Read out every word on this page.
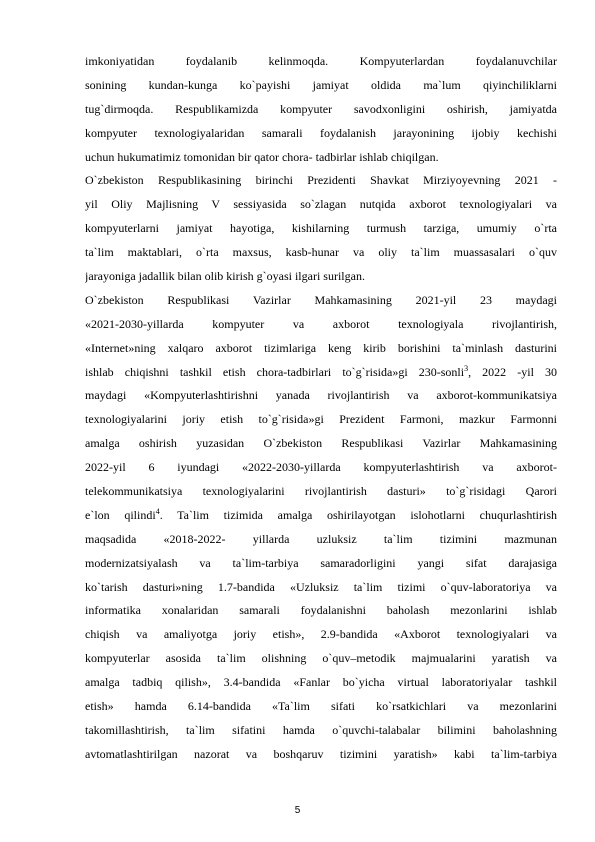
imkoniyatidan foydalanib kelinmoqda. Kompyuterlardan foydalanuvchilar
sonining kundan-kunga ko`payishi jamiyat oldida ma`lum qiyinchiliklarni
tug`dirmoqda. Respublikamizda kompyuter savodxonligini oshirish, jamiyatda
kompyuter texnologiyalaridan samarali foydalanish jarayonining ijobiy kechishi
uchun hukumatimiz tomonidan bir qator chora- tadbirlar ishlab chiqilgan.

O`zbekiston Respublikasining birinchi Prezidenti Shavkat Mirziyoyevning 2021 -
yil Oliy Majlisning V sessiyasida so`zlagan nutqida axborot texnologiyalari va
kompyuterlarni jamiyat hayotiga, kishilarning turmush tarziga, umumiy o`rta
ta`lim maktablari, o`rta maxsus, kasb-hunar va oliy ta`lim muassasalari o`quv
jarayoniga jadallik bilan olib kirish g`oyasi ilgari surilgan.

O`zbekiston Respublikasi Vazirlar Mahkamasining 2021-yil 23 maydagi
«2021-2030-yillarda kompyuter va axborot texnologiyala rivojlantirish,
«Internet»ning xalqaro axborot tizimlariga keng kirib borishini ta`minlash dasturini
ishlab chiqishni tashkil etish chora-tadbirlari to`g`risida»gi 230-sonli$^3$, 2022 -yil 30
maydagi «Kompyuterlashtirishni yanada rivojlantirish va axborot-kommunikatsiya
texnologiyalarini joriy etish to`g`risida»gi Prezident Farmoni, mazkur Farmonni
amalga oshirish yuzasidan O`zbekiston Respublikasi Vazirlar Mahkamasining
2022-yil 6 iyundagi «2022-2030-yillarda kompyuterlashtirish va axborot-
telekommunikatsiya texnologiyalarini rivojlantirish dasturi» to`g`risidagi Qarori
e`lon qilindi$^4$. Ta`lim tizimida amalga oshirilayotgan islohotlarni chuqurlashtirish
maqsadida «2018-2022- yillarda uzluksiz ta`lim tizimini mazmunan
modernizatsiyalash va ta`lim-tarbiya samaradorligini yangi sifat darajasiga
ko`tarish dasturi»ning 1.7-bandida «Uzluksiz ta`lim tizimi o`quv-laboratoriya va
informatika xonalaridan samarali foydalanishni baholash mezonlarini ishlab
chiqish va amaliyotga joriy etish», 2.9-bandida «Axborot texnologiyalari va
kompyuterlar asosida ta`lim olishning o`quv–metodik majmualarini yaratish va
amalga tadbiq qilish», 3.4-bandida «Fanlar bo`yicha virtual laboratoriyalar tashkil
etish» hamda 6.14-bandida «Ta`lim sifati ko`rsatkichlari va mezonlarini
takomillashtirish, ta`lim sifatini hamda o`quvchi-talabalar bilimini baholashning
avtomatlashtirilgan nazorat va boshqaruv tizimini yaratish» kabi ta`lim-tarbiya

5
